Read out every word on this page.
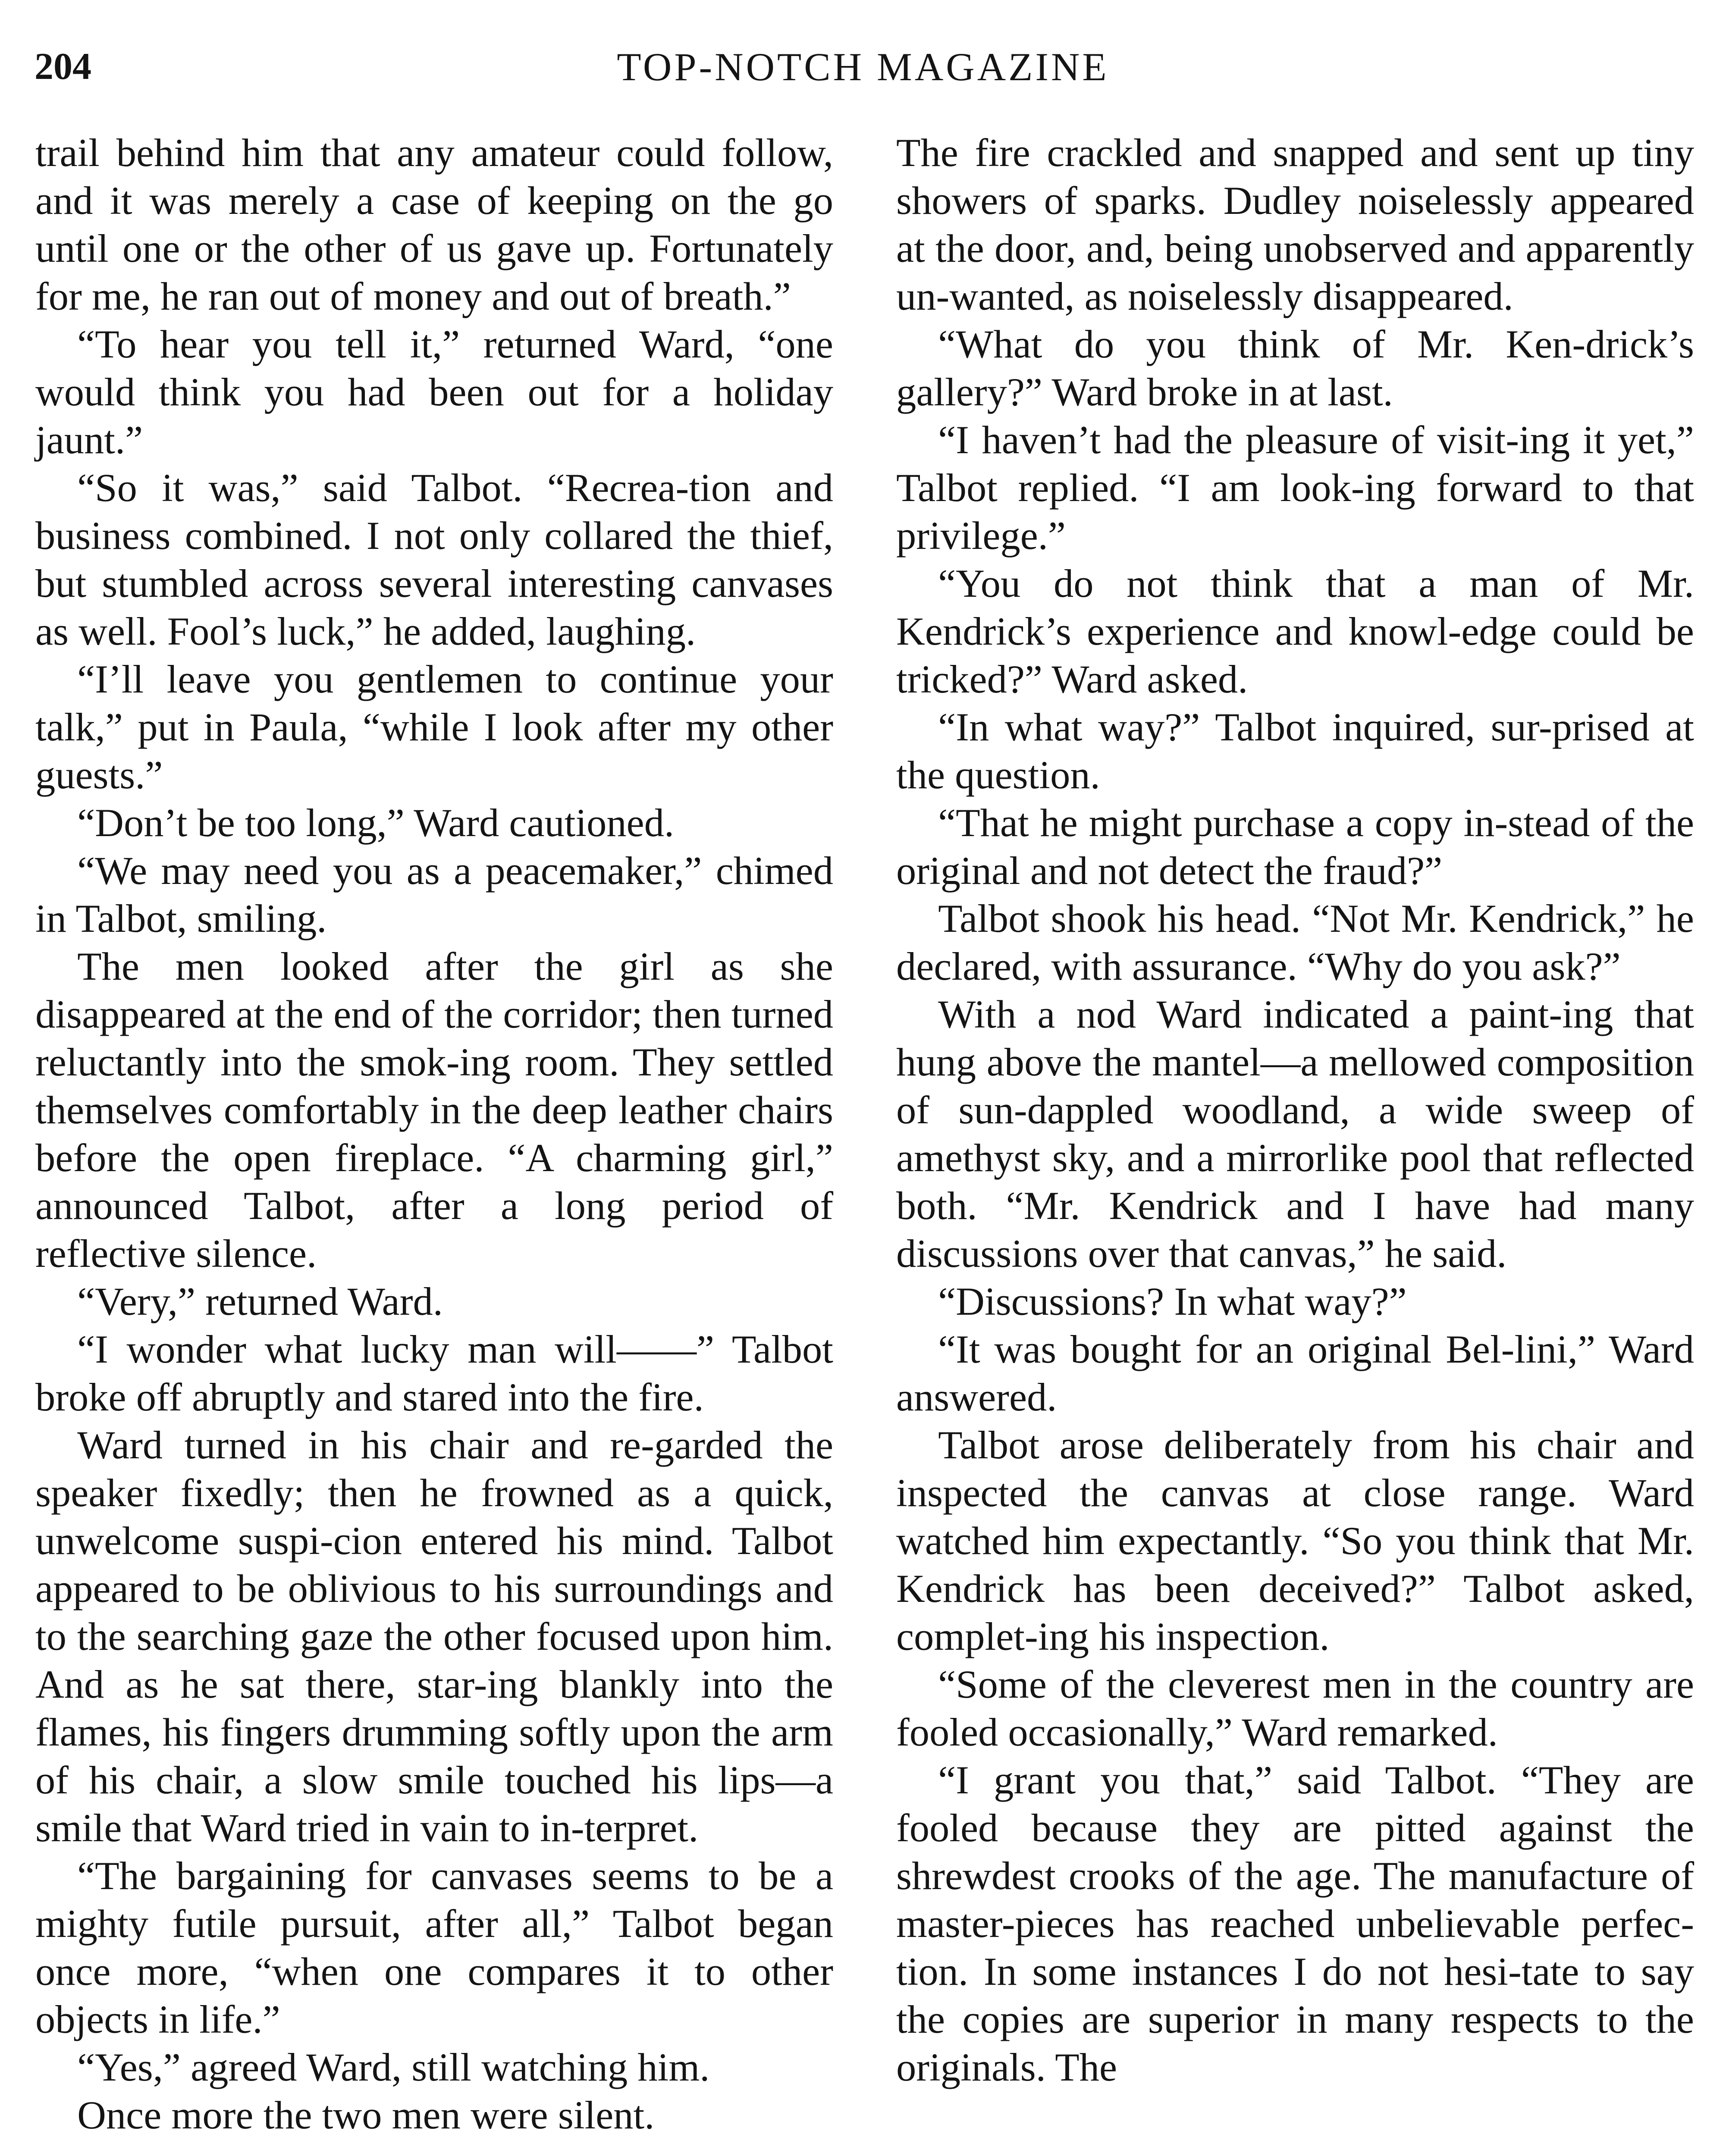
204	TOP-NOTCH MAGAZINE

trail behind him that any amateur could follow, and it was merely a case of keeping on the go until one or the other of us gave up. Fortunately for me, he ran out of money and out of breath.”

“To hear you tell it,” returned Ward, “one would think you had been out for a holiday jaunt.”

“So it was,” said Talbot. “Recrea-tion and business combined. I not only collared the thief, but stumbled across several interesting canvases as well. Fool’s luck,” he added, laughing.

“I’ll leave you gentlemen to continue your talk,” put in Paula, “while I look after my other guests.”

“Don’t be too long,” Ward cautioned.

“We may need you as a peacemaker,” chimed in Talbot, smiling.

The men looked after the girl as she disappeared at the end of the corridor; then turned reluctantly into the smok-ing room. They settled themselves comfortably in the deep leather chairs before the open fireplace. “A charming girl,” announced Talbot, after a long period of reflective silence.

“Very,” returned Ward.

“I wonder what lucky man will——” Talbot broke off abruptly and stared into the fire.

Ward turned in his chair and re-garded the speaker fixedly; then he frowned as a quick, unwelcome suspi-cion entered his mind. Talbot appeared to be oblivious to his surroundings and to the searching gaze the other focused upon him. And as he sat there, star-ing blankly into the flames, his fingers drumming softly upon the arm of his chair, a slow smile touched his lips—a smile that Ward tried in vain to in-terpret.

“The bargaining for canvases seems to be a mighty futile pursuit, after all,” Talbot began once more, “when one compares it to other objects in life.”

“Yes,” agreed Ward, still watching him.

Once more the two men were silent.

The fire crackled and snapped and sent up tiny showers of sparks. Dudley noiselessly appeared at the door, and, being unobserved and apparently un-wanted, as noiselessly disappeared.

“What do you think of Mr. Ken-drick’s gallery?” Ward broke in at last.

“I haven’t had the pleasure of visit-ing it yet,” Talbot replied. “I am look-ing forward to that privilege.”

“You do not think that a man of Mr. Kendrick’s experience and knowl-edge could be tricked?” Ward asked.

“In what way?” Talbot inquired, sur-prised at the question.

“That he might purchase a copy in-stead of the original and not detect the fraud?”

Talbot shook his head. “Not Mr. Kendrick,” he declared, with assurance. “Why do you ask?”

With a nod Ward indicated a paint-ing that hung above the mantel—a mellowed composition of sun-dappled woodland, a wide sweep of amethyst sky, and a mirrorlike pool that reflected both. “Mr. Kendrick and I have had many discussions over that canvas,” he said.

“Discussions? In what way?”

“It was bought for an original Bel-lini,” Ward answered.

Talbot arose deliberately from his chair and inspected the canvas at close range. Ward watched him expectantly. “So you think that Mr. Kendrick has been deceived?” Talbot asked, complet-ing his inspection.

“Some of the cleverest men in the country are fooled occasionally,” Ward remarked.

“I grant you that,” said Talbot. “They are fooled because they are pitted against the shrewdest crooks of the age. The manufacture of master-pieces has reached unbelievable perfec-tion. In some instances I do not hesi-tate to say the copies are superior in many respects to the originals. The
